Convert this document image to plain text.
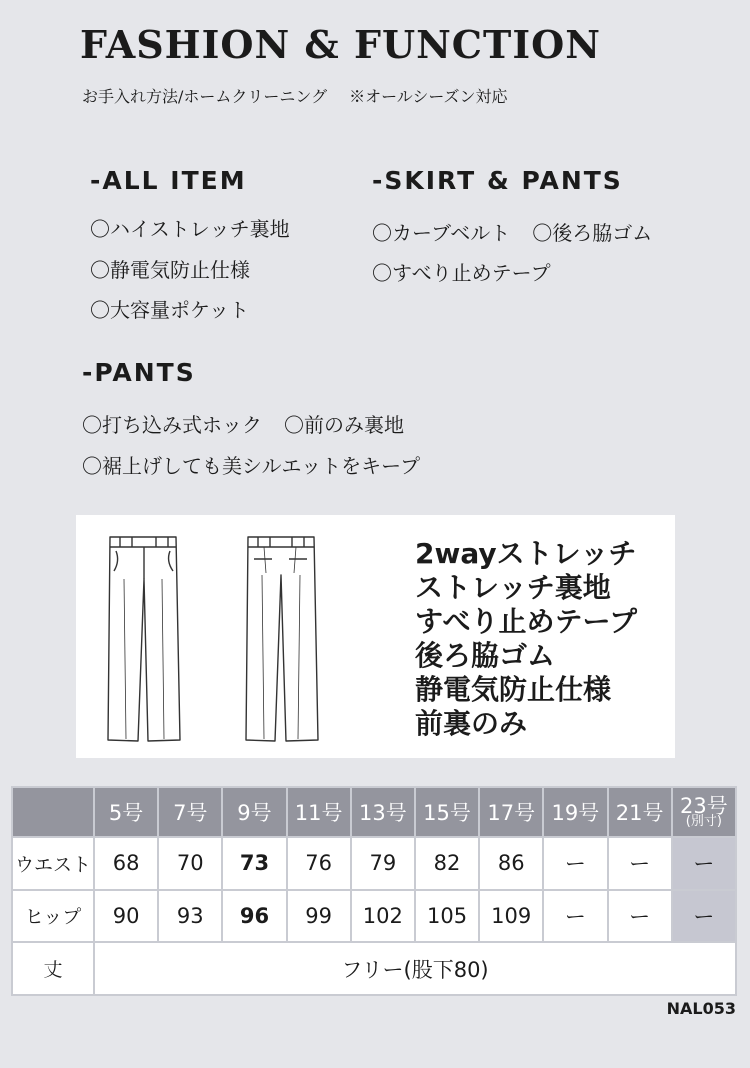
FASHION & FUNCTION
お手入れ方法/ホームクリーニング ※オールシーズン対応
-ALL ITEM
〇ハイストレッチ裏地
〇静電気防止仕様
〇大容量ポケット
-SKIRT & PANTS
〇カーブベルト 〇後ろ脇ゴム
〇すべり止めテープ
-PANTS
〇打ち込み式ホック 〇前のみ裏地
〇裾上げしても美シルエットをキープ
2wayストレッチ
ストレッチ裏地
すべり止めテープ
後ろ脇ゴム
静電気防止仕様
前裏のみ
	5号	7号	9号	11号	13号	15号	17号	19号	21号	23号
(別寸)

ウエスト	68	70	73	76	79	82	86	ー	ー	ー
ヒップ	90	93	96	99	102	105	109	ー	ー	ー
丈	フリー(股下80)									
NAL053
